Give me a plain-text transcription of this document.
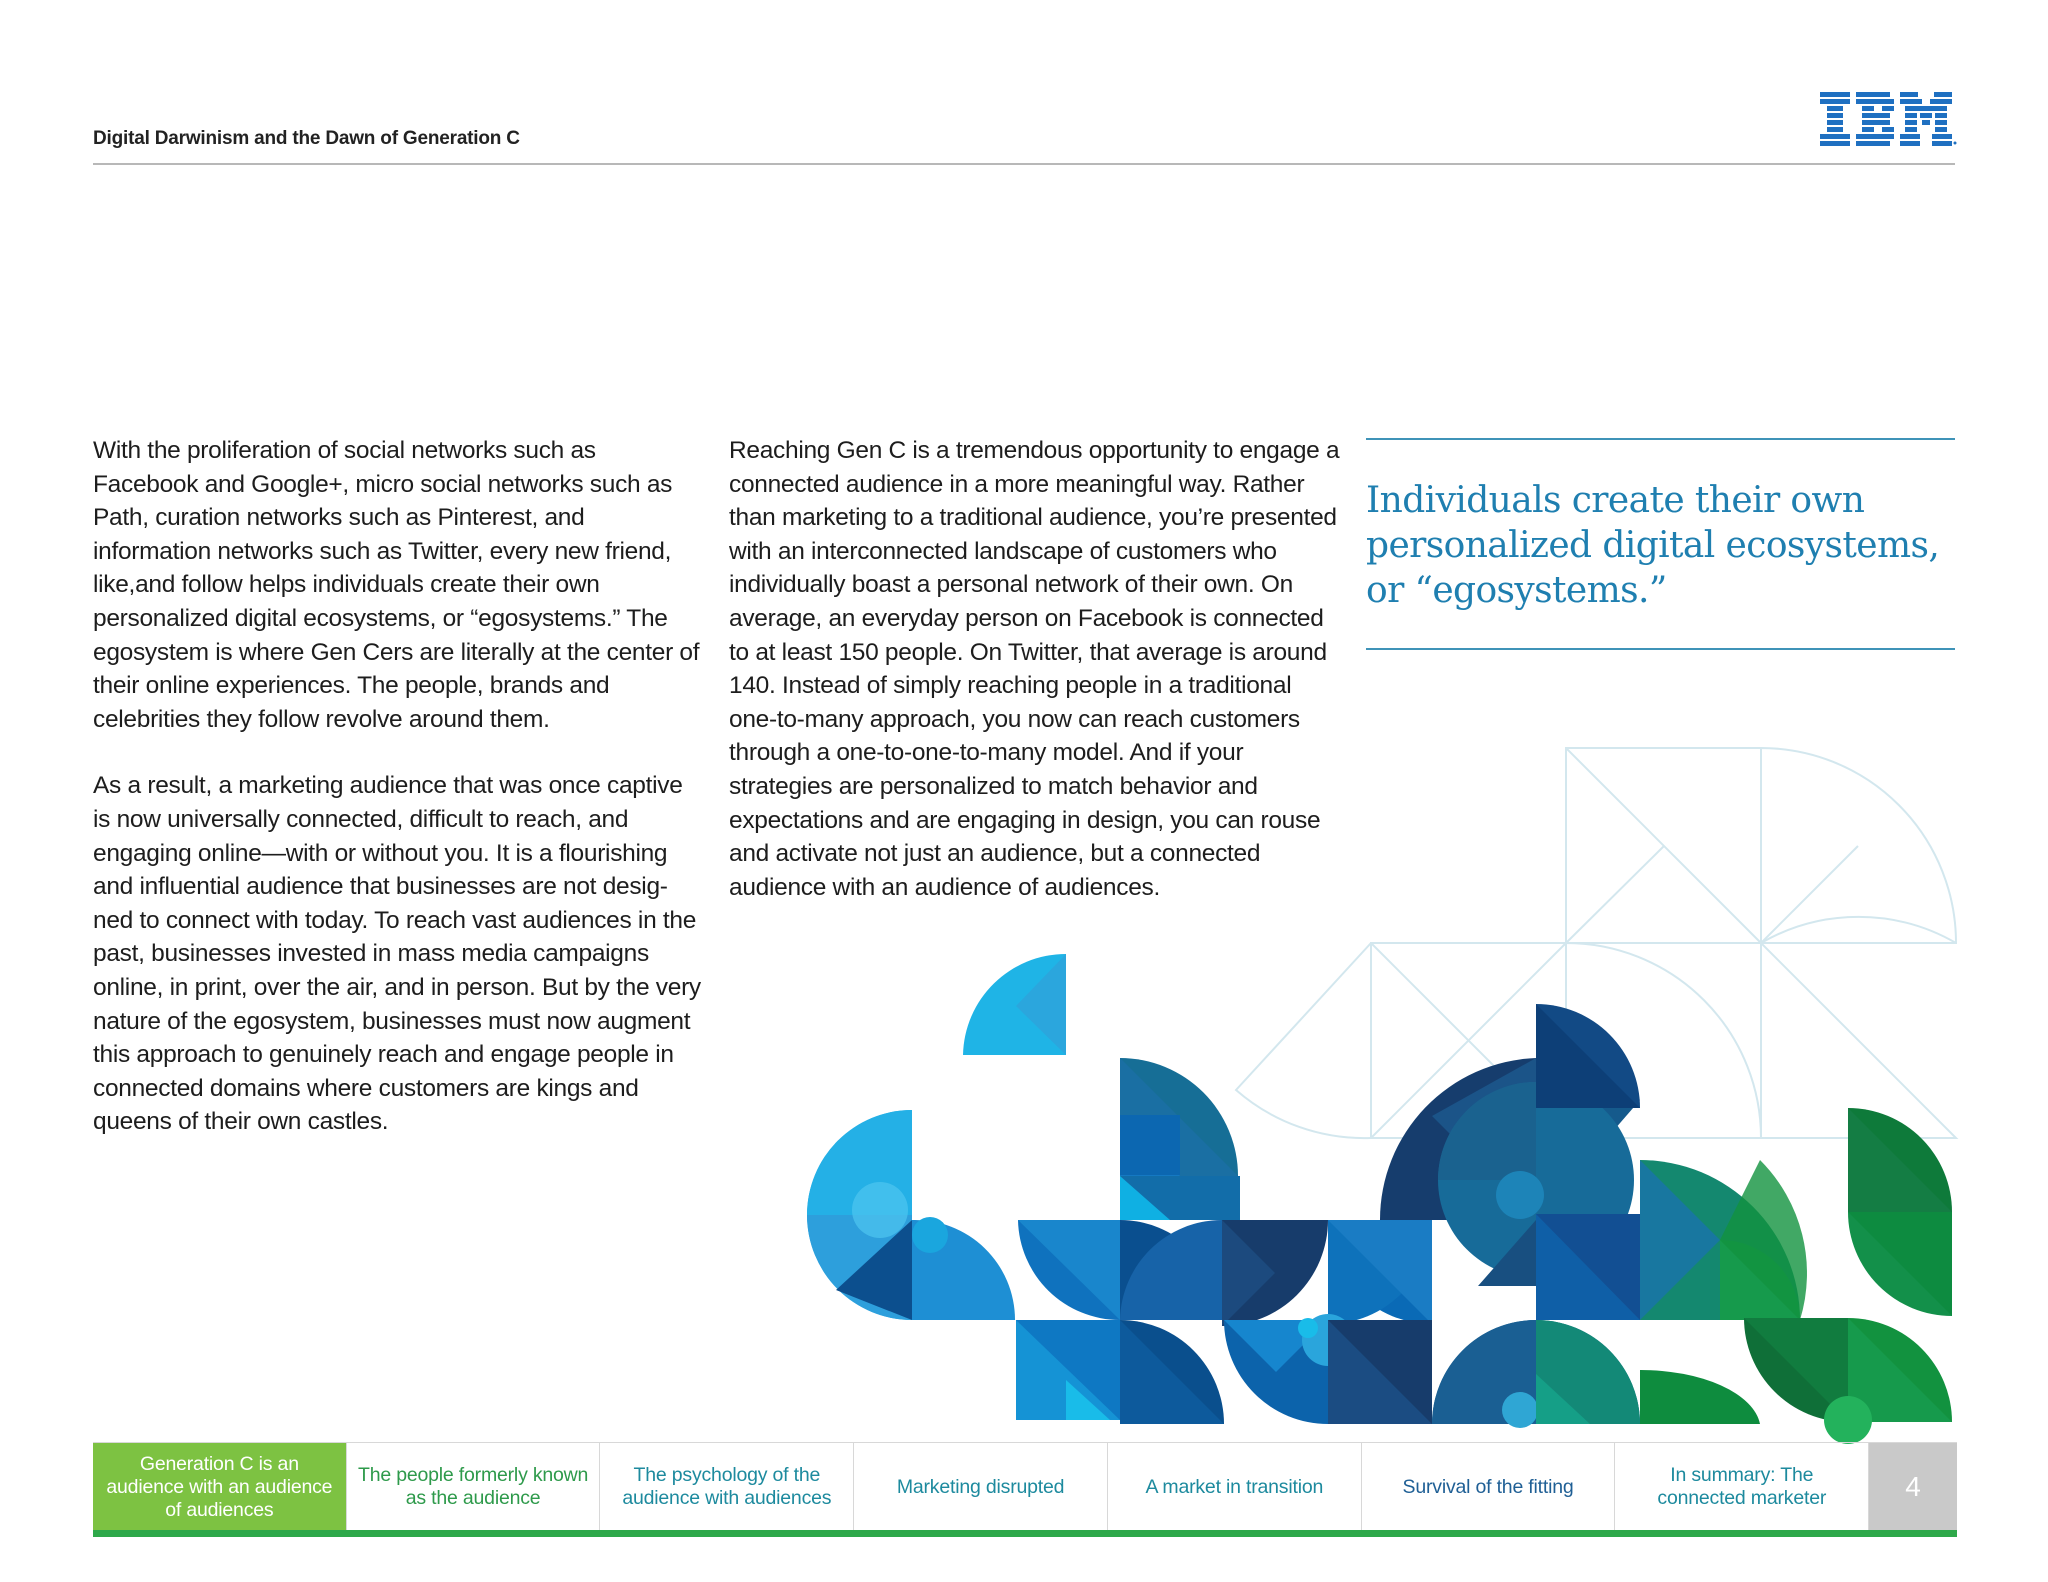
Digital Darwinism and the Dawn of Generation C

With the proliferation of social networks such as Facebook and Google+, micro social networks such as Path, curation networks such as Pinterest, and information networks such as Twitter, every new friend, like,and follow helps individuals create their own personalized digital ecosystems, or “egosystems.” The egosystem is where Gen Cers are literally at the center of their online experiences. The people, brands and celebrities they follow revolve around them.

As a result, a marketing audience that was once captive is now universally connected, difficult to reach, and engaging online—with or without you. It is a flourishing and influential audience that businesses are not desig-ned to connect with today. To reach vast audiences in the past, businesses invested in mass media campaigns online, in print, over the air, and in person. But by the very nature of the egosystem, businesses must now augment this approach to genuinely reach and engage people in connected domains where customers are kings and queens of their own castles.

Reaching Gen C is a tremendous opportunity to engage a connected audience in a more meaningful way. Rather than marketing to a traditional audience, you’re presented with an interconnected landscape of customers who individually boast a personal network of their own. On average, an everyday person on Facebook is connected to at least 150 people. On Twitter, that average is around 140. Instead of simply reaching people in a traditional one-to-many approach, you now can reach customers through a one-to-one-to-many model. And if your strategies are personalized to match behavior and expectations and are engaging in design, you can rouse and activate not just an audience, but a connected audience with an audience of audiences.

Individuals create their own personalized digital ecosystems, or “egosystems.”
Generation C is an audience with an audience of audiences
The people formerly known as the audience
The psychology of the audience with audiences
Marketing disrupted	A market in transition	Survival of the fitting
In summary: The connected marketer	4
